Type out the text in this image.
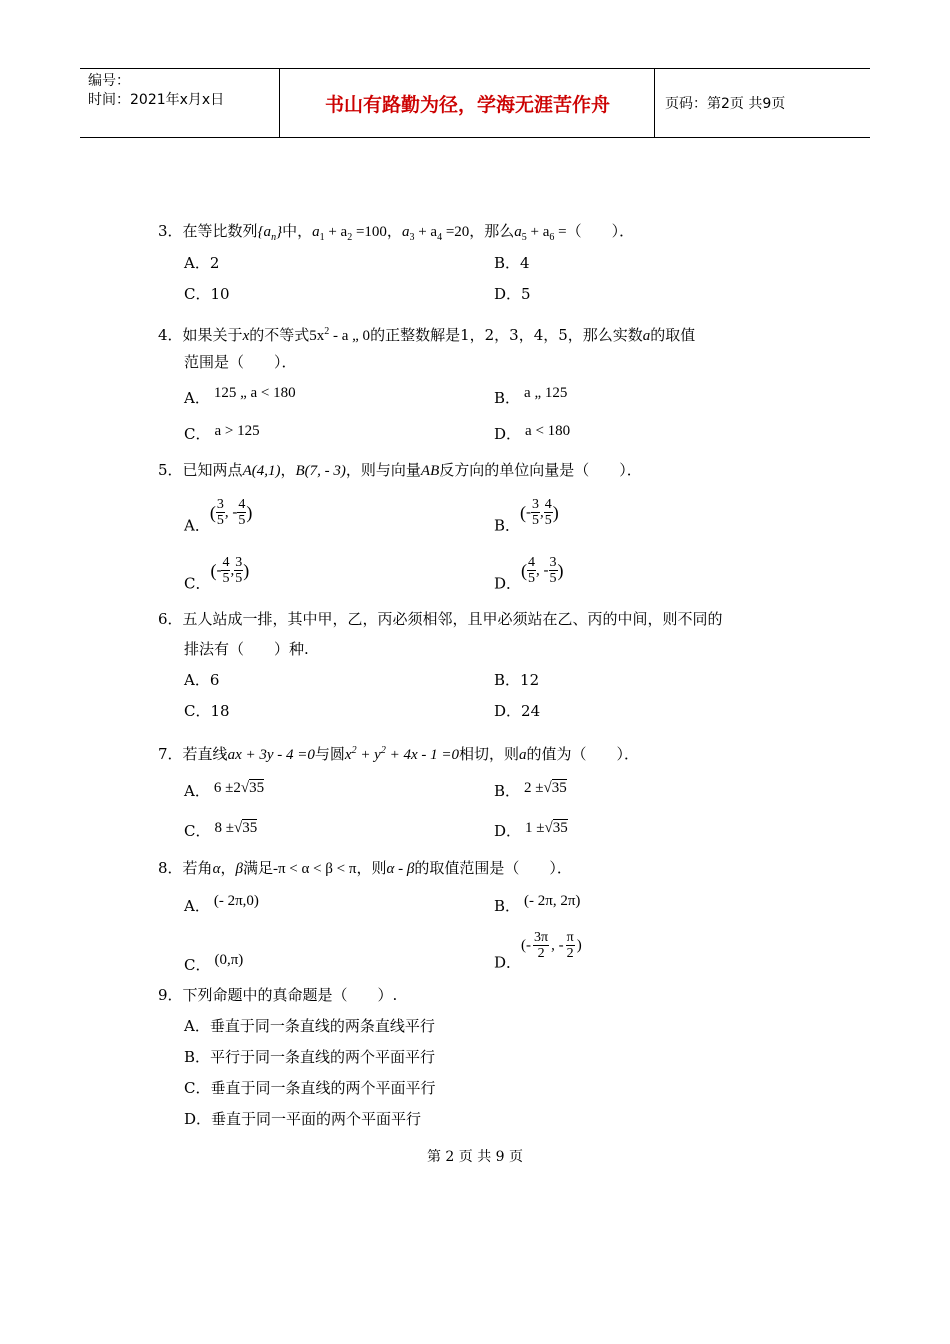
编号：
时间：2021年x月x日	书山有路勤为径，学海无涯苦作舟	页码：第2页 共9页
3．在等比数列$\{a_n\}$中，$a_1 + a_2 =100$，$a_3 + a_4 =20$，那么$a_5 + a_6$ =（　　）．
A．2	B．4
C．10	D．5
4．如果关于x的不等式$5x^2$ - a „ 0的正整数解是1，2，3，4，5，那么实数a的取值
范围是（　　）．
A． 125 „ a < 180	B． a „ 125
C． a > 125	D． a < 180
5．已知两点A(4,1)，B(7, - 3)，则与向量AB反方向的单位向量是（　　）．
A．( $\frac{3}{5}$ , - $\frac{4}{5}$ )
B．(- $\frac{3}{5}$ , $\frac{4}{5}$ )
C．(- $\frac{4}{5}$ , $\frac{3}{5}$ )
D．( $\frac{4}{5}$ , - $\frac{3}{5}$ )
6．五人站成一排，其中甲，乙，丙必须相邻，且甲必须站在乙、丙的中间，则不同的
排法有（　　）种.
A．6	B．12
C．18	D．24
7．若直线ax + 3y - 4 =0与圆$x^2 + y^2 + 4x - 1 =0$相切，则a的值为（　　）．
A． 6 ±2√35	B． 2 ±√35
C． 8 ±√35	D． 1 ±√35
8．若角α，β满足-π < α < β < π，则α - β的取值范围是（　　）．
A． (- 2π,0)	B． (- 2π, 2π)
C． (0,π)	D．(- $\frac{3\pi}{2}$ , - $\frac{\pi}{2}$ )
9．下列命题中的真命题是（　　）.
A．垂直于同一条直线的两条直线平行
B．平行于同一条直线的两个平面平行
C．垂直于同一条直线的两个平面平行
D．垂直于同一平面的两个平面平行
第 2 页 共 9 页
